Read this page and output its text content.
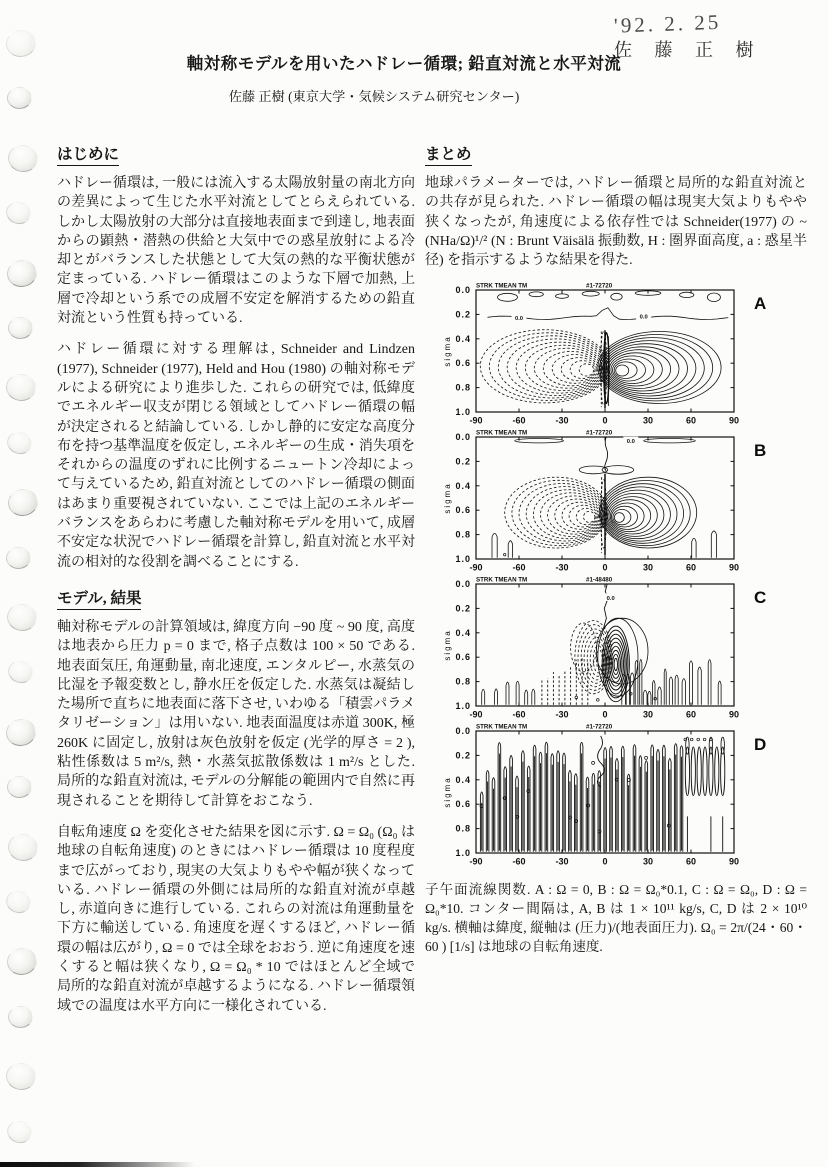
'92. 2. 25
佐 藤 正 樹
軸対称モデルを用いたハドレー循環; 鉛直対流と水平対流
佐藤 正樹 (東京大学・気候システム研究センター)
はじめに

ハドレー循環は, 一般には流入する太陽放射量の南北方向の差異によって生じた水平対流としてとらえられている. しかし太陽放射の大部分は直接地表面まで到達し, 地表面からの顕熱・潜熱の供給と大気中での惑星放射による冷却とがバランスした状態として大気の熱的な平衡状態が定まっている. ハドレー循環はこのような下層で加熱, 上層で冷却という系での成層不安定を解消するための鉛直対流という性質も持っている.

ハドレー循環に対する理解は, Schneider and Lindzen (1977), Schneider (1977), Held and Hou (1980) の軸対称モデルによる研究により進歩した. これらの研究では, 低緯度でエネルギー収支が閉じる領域としてハドレー循環の幅が決定されると結論している. しかし静的に安定な高度分布を持つ基準温度を仮定し, エネルギーの生成・消失項をそれからの温度のずれに比例するニュートン冷却によって与えているため, 鉛直対流としてのハドレー循環の側面はあまり重要視されていない. ここでは上記のエネルギーバランスをあらわに考慮した軸対称モデルを用いて, 成層不安定な状況でハドレー循環を計算し, 鉛直対流と水平対流の相対的な役割を調べることにする.

モデル, 結果

軸対称モデルの計算領域は, 緯度方向 −90 度 ~ 90 度, 高度は地表から圧力 p = 0 まで, 格子点数は 100 × 50 である. 地表面気圧, 角運動量, 南北速度, エンタルピー, 水蒸気の比湿を予報変数とし, 静水圧を仮定した. 水蒸気は凝結した場所で直ちに地表面に落下させ, いわゆる「積雲パラメタリゼーション」は用いない. 地表面温度は赤道 300K, 極 260K に固定し, 放射は灰色放射を仮定 (光学的厚さ = 2 ), 粘性係数は 5 m²/s, 熱・水蒸気拡散係数は 1 m²/s とした. 局所的な鉛直対流は, モデルの分解能の範囲内で自然に再現されることを期待して計算をおこなう.

自転角速度 Ω を変化させた結果を図に示す. Ω = Ω₀ (Ω₀ は地球の自転角速度) のときにはハドレー循環は 10 度程度まで広がっており, 現実の大気よりもやや幅が狭くなっている. ハドレー循環の外側には局所的な鉛直対流が卓越し, 赤道向きに進行している. これらの対流は角運動量を下方に輸送している. 角速度を遅くするほど, ハドレー循環の幅は広がり, Ω = 0 では全球をおおう. 逆に角速度を速くすると幅は狭くなり, Ω = Ω₀ * 10 ではほとんど全域で局所的な鉛直対流が卓越するようになる. ハドレー循環領域での温度は水平方向に一様化されている.

まとめ

地球パラメーターでは, ハドレー循環と局所的な鉛直対流との共存が見られた. ハドレー循環の幅は現実大気よりもやや狭くなったが, 角速度による依存性では Schneider(1977) の ~ (NHa/Ω)¹/² (N : Brunt Väisälä 振動数, H : 圏界面高度, a : 惑星半径) を指示するような結果を得た.

STRK TMEAN TM	#1-72720
A
sigma
0.0
0.2
0.4
0.6
0.8
1.0
-90	-60	-30	0	30	60	90
0.0	0.0
STRK TMEAN TM	#1-72720
B
sigma
0.0
0.2
0.4
0.6
0.8
1.0
-90	-60	-30	0	30	60	90
0.0
STRK TMEAN TM	#1-48480
C
sigma
0.0
0.2
0.4
0.6
0.8
1.0
-90	-60	-30	0	30	60	90
0.0
STRK TMEAN TM	#1-72720
D
sigma
0.0
0.2
0.4
0.6
0.8
1.0
-90	-60	-30	0	30	60	90

子午面流線関数. A : Ω = 0, B : Ω = Ω₀*0.1, C : Ω = Ω₀, D : Ω = Ω₀*10. コンター間隔は, A, B は 1 × 10¹¹ kg/s, C, D は 2 × 10¹⁰ kg/s. 横軸は緯度, 縦軸は (圧力)/(地表面圧力). Ω₀ = 2π/(24・60・60 ) [1/s] は地球の自転角速度.
